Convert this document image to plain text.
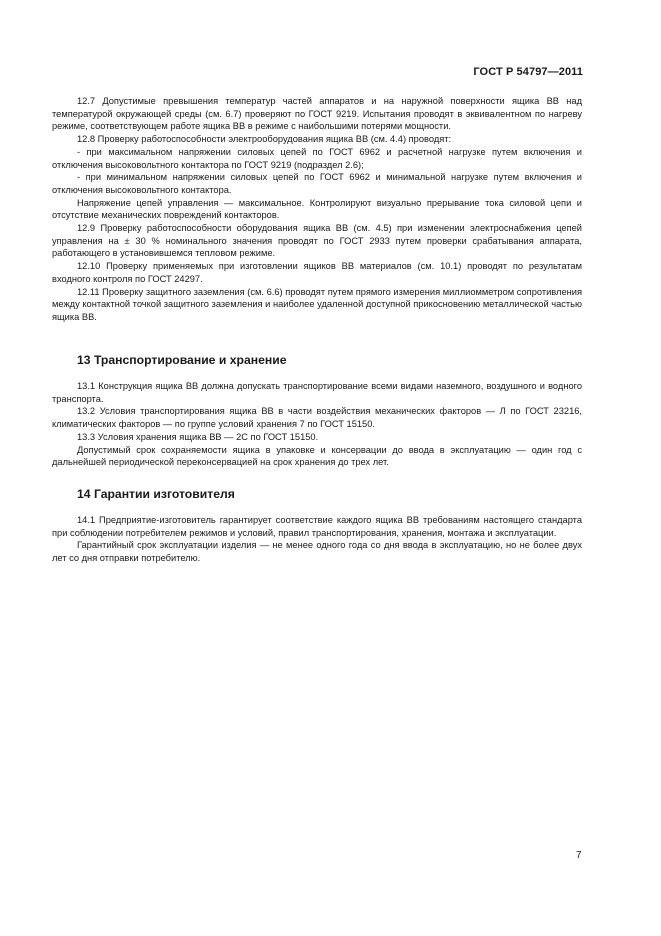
ГОСТ Р 54797—2011

12.7 Допустимые превышения температур частей аппаратов и на наружной поверхности ящика ВВ над температурой окружающей среды (см. 6.7) проверяют по ГОСТ 9219. Испытания проводят в эквивалентном по нагреву режиме, соответствующем работе ящика ВВ в режиме с наибольшими потерями мощности.

12.8 Проверку работоспособности электрооборудования ящика ВВ (см. 4.4) проводят:

- при максимальном напряжении силовых цепей по ГОСТ 6962 и расчетной нагрузке путем включения и отключения высоковольтного контактора по ГОСТ 9219 (подраздел 2.6);

- при минимальном напряжении силовых цепей по ГОСТ 6962 и минимальной нагрузке путем включения и отключения высоковольтного контактора.

Напряжение цепей управления — максимальное. Контролируют визуально прерывание тока силовой цепи и отсутствие механических повреждений контакторов.

12.9 Проверку работоспособности оборудования ящика ВВ (см. 4.5) при изменении электроснабжения цепей управления на ± 30 % номинального значения проводят по ГОСТ 2933 путем проверки срабатывания аппарата, работающего в установившемся тепловом режиме.

12.10 Проверку применяемых при изготовлении ящиков ВВ материалов (см. 10.1) проводят по результатам входного контроля по ГОСТ 24297.

12.11 Проверку защитного заземления (см. 6.6) проводят путем прямого измерения миллиомметром сопротивления между контактной точкой защитного заземления и наиболее удаленной доступной прикосновению металлической частью ящика ВВ.

13 Транспортирование и хранение

13.1 Конструкция ящика ВВ должна допускать транспортирование всеми видами наземного, воздушного и водного транспорта.

13.2 Условия транспортирования ящика ВВ в части воздействия механических факторов — Л по ГОСТ 23216, климатических факторов — по группе условий хранения 7 по ГОСТ 15150.

13.3 Условия хранения ящика ВВ — 2С по ГОСТ 15150.

Допустимый срок сохраняемости ящика в упаковке и консервации до ввода в эксплуатацию — один год с дальнейшей периодической переконсервацией на срок хранения до трех лет.

14 Гарантии изготовителя

14.1 Предприятие-изготовитель гарантирует соответствие каждого ящика ВВ требованиям настоящего стандарта при соблюдении потребителем режимов и условий, правил транспортирования, хранения, монтажа и эксплуатации.

Гарантийный срок эксплуатации изделия — не менее одного года со дня ввода в эксплуатацию, но не более двух лет со дня отправки потребителю.

7
